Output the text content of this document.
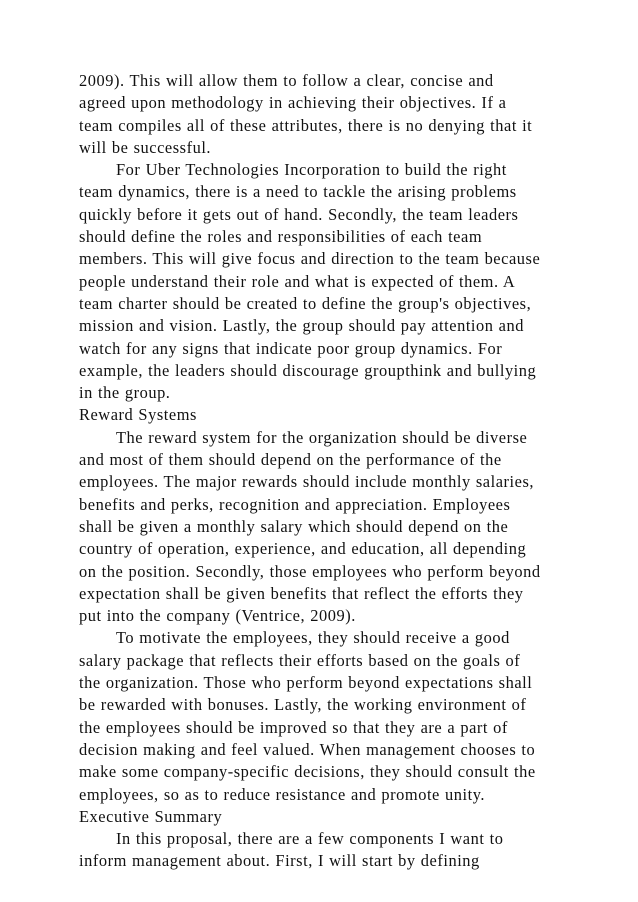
2009). This will allow them to follow a clear, concise and
agreed upon methodology in achieving their objectives. If a
team compiles all of these attributes, there is no denying that it
will be successful.
For Uber Technologies Incorporation to build the right
team dynamics, there is a need to tackle the arising problems
quickly before it gets out of hand. Secondly, the team leaders
should define the roles and responsibilities of each team
members. This will give focus and direction to the team because
people understand their role and what is expected of them. A
team charter should be created to define the group's objectives,
mission and vision. Lastly, the group should pay attention and
watch for any signs that indicate poor group dynamics. For
example, the leaders should discourage groupthink and bullying
in the group.
Reward Systems
The reward system for the organization should be diverse
and most of them should depend on the performance of the
employees. The major rewards should include monthly salaries,
benefits and perks, recognition and appreciation. Employees
shall be given a monthly salary which should depend on the
country of operation, experience, and education, all depending
on the position. Secondly, those employees who perform beyond
expectation shall be given benefits that reflect the efforts they
put into the company (Ventrice, 2009).
To motivate the employees, they should receive a good
salary package that reflects their efforts based on the goals of
the organization. Those who perform beyond expectations shall
be rewarded with bonuses. Lastly, the working environment of
the employees should be improved so that they are a part of
decision making and feel valued. When management chooses to
make some company-specific decisions, they should consult the
employees, so as to reduce resistance and promote unity.
Executive Summary
In this proposal, there are a few components I want to
inform management about. First, I will start by defining
